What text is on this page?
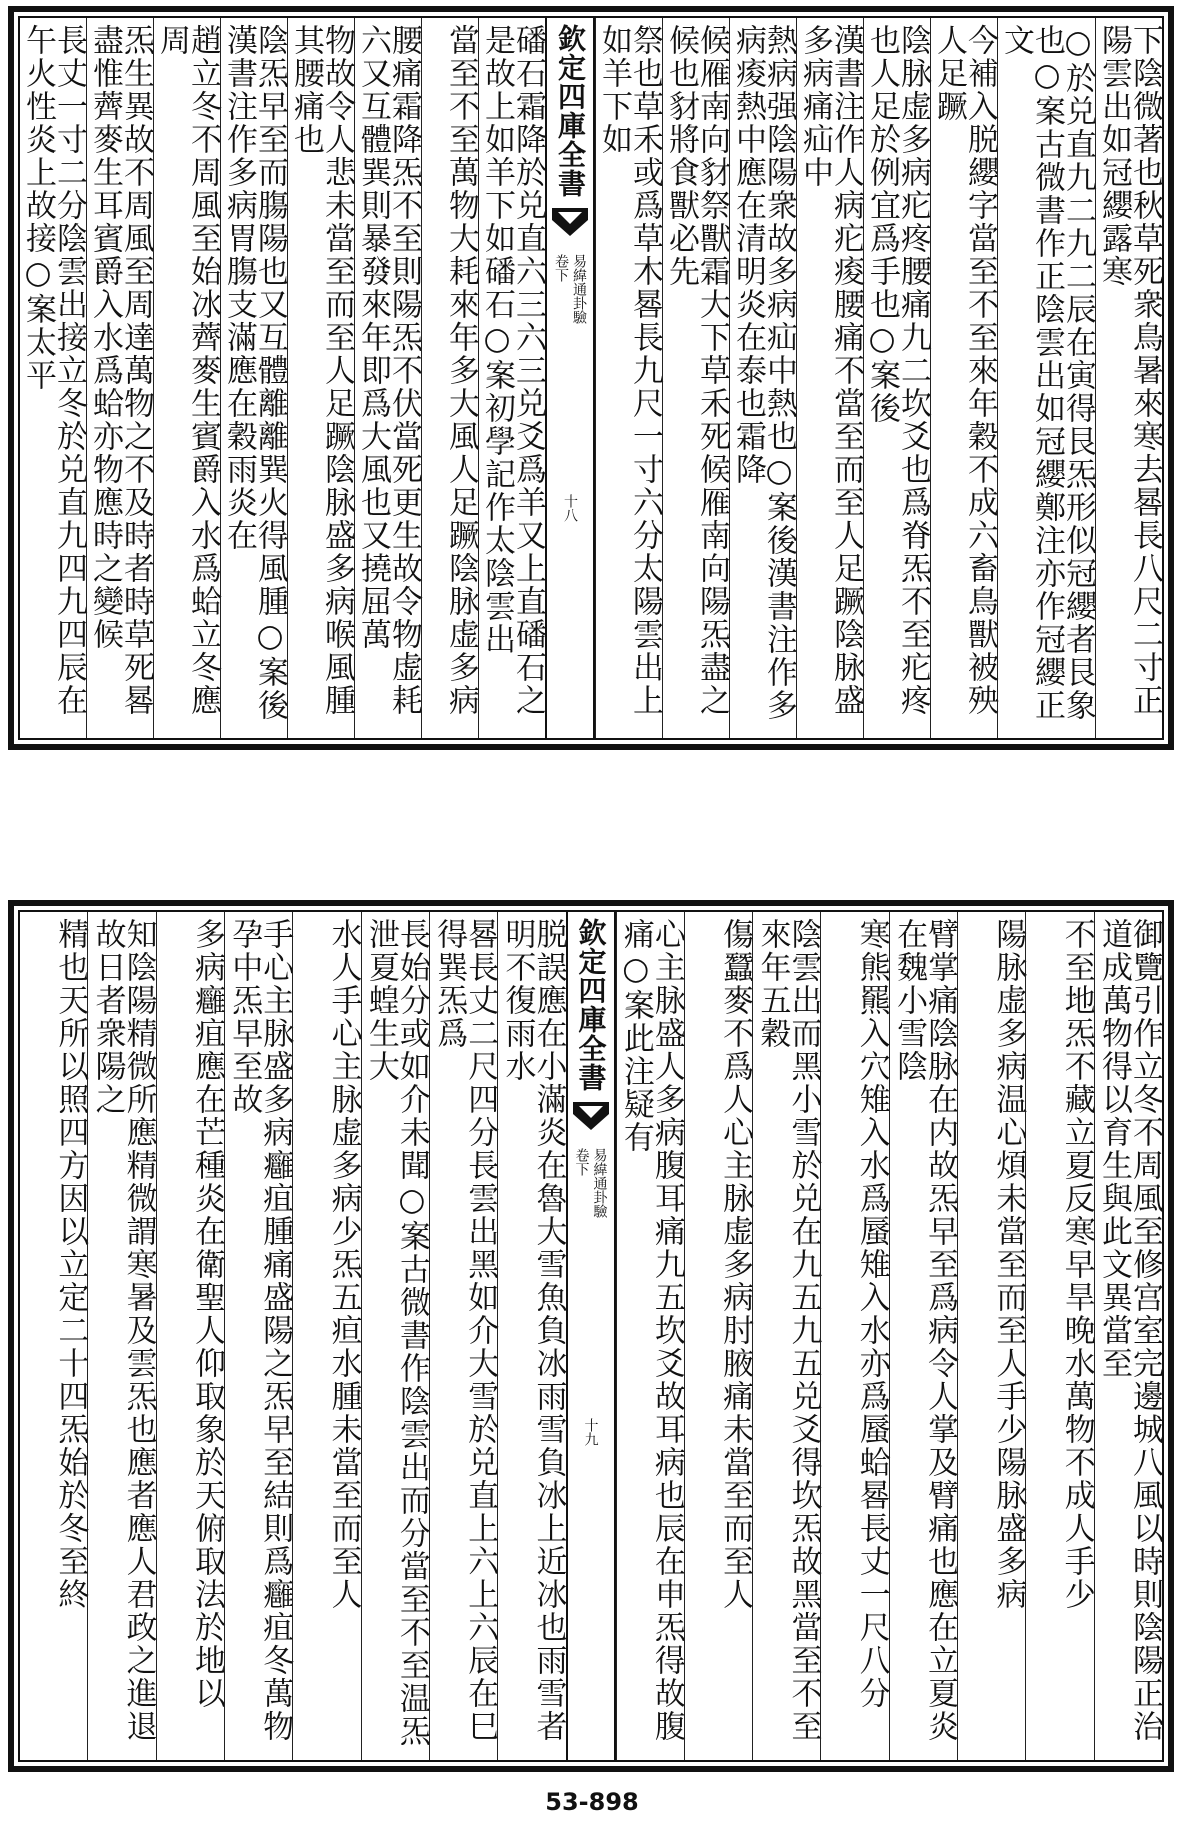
下陰微著也秋草死衆鳥暑來寒去晷長八尺二寸正陽雲出如冠纓露寒
○於兑直九二九二辰在寅得艮炁形似冠纓者艮象也○案古微書作正陰雲出如冠纓鄭注亦作冠纓正文
今補入脱纓字當至不至來年穀不成六畜鳥獸被殃人足蹶
陰脉虚多病疕疼腰痛九二坎爻也爲脊炁不至疕疼也人足於例宜爲手也○案後
漢書注作人病疕痠腰痛不當至而至人足蹶陰脉盛多病痛疝中
熱病强陰陽衆故多病疝中熱也○案後漢書注作多病痠熱中應在清明炎在泰也霜降
候雁南向豺祭獸霜大下草禾死候雁南向陽炁盡之候也豺將食獸必先
祭也草禾或爲草木晷長九尺一寸六分太陽雲出上如羊下如
欽定四庫全書
易緯通卦驗
卷下
十八
磻石霜降於兑直六三六三兑爻爲羊又上直磻石之是故上如羊下如磻石○案初學記作太陰雲出
當至不至萬物大耗來年多大風人足蹶陰脉虚多病
腰痛霜降炁不至則陽炁不伏當死更生故令物虚耗六又互體巽則暴發來年即爲大風也又撓屈萬
物故令人悲未當至而至人足蹶陰脉盛多病喉風腫其腰痛也
陰炁早至而膓陽也又互體離離巽火得風腫○案後漢書注作多病胃膓支滿應在穀雨炎在
趙立冬不周風至始冰薺麥生賓爵入水爲蛤立冬應周
炁生異故不周風至周達萬物之不及時者時草死晷盡惟薺麥生耳賓爵入水爲蛤亦物應時之變候
長丈一寸二分陰雲出接立冬於兑直九四九四辰在午火性炎上故接○案太平
御覽引作立冬不周風至修宫室完邊城八風以時則陰陽正治道成萬物得以育生與此文異當至
不至地炁不藏立夏反寒早旱晚水萬物不成人手少
陽脉虚多病温心煩未當至而至人手少陽脉盛多病
臂掌痛陰脉在内故炁早至爲病令人掌及臂痛也應在立夏炎在魏小雪陰
寒熊羆入穴雉入水爲蜃雉入水亦爲蜃蛤晷長丈一尺八分
陰雲出而黑小雪於兑在九五九五兑爻得坎炁故黑當至不至來年五穀
傷蠶麥不爲人心主脉虚多病肘腋痛未當至而至人
心主脉盛人多病腹耳痛九五坎爻故耳病也辰在申炁得故腹痛○案此注疑有
欽定四庫全書
易緯通卦驗
卷下
十九
脱誤應在小滿炎在魯大雪魚負冰雨雪負冰上近冰也雨雪者明不復雨水
晷長丈二尺四分長雲出黑如介大雪於兑直上六上六辰在巳得巽炁爲
長始分或如介未聞○案古微書作陰雲出而分當至不至温炁泄夏蝗生大
水人手心主脉虚多病少炁五疸水腫未當至而至人
手心主脉盛多病癰疽腫痛盛陽之炁早至結則爲癰疽冬萬物孕中炁早至故
多病癰疽應在芒種炎在衛聖人仰取象於天俯取法於地以
知陰陽精微所應精微謂寒暑及雲炁也應者應人君政之進退故日者衆陽之
精也天所以照四方因以立定二十四炁始於冬至終
53-898
